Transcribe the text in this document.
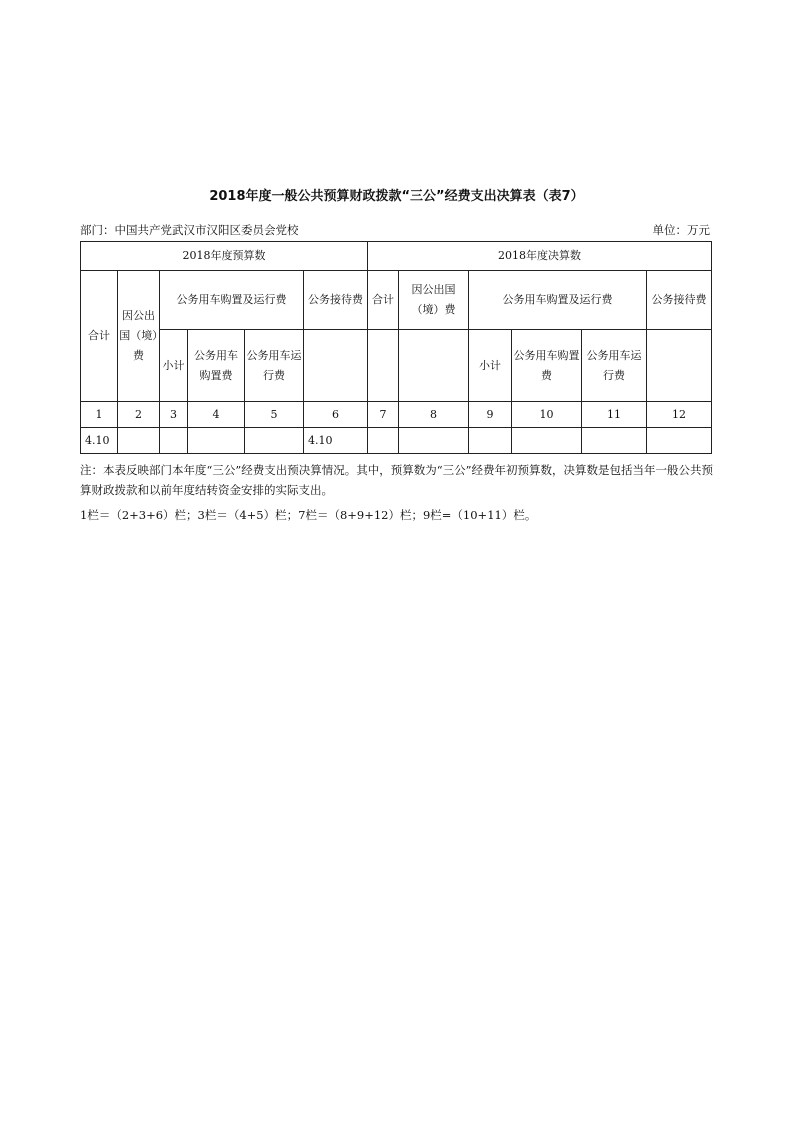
2018年度一般公共预算财政拨款“三公”经费支出决算表（表7）
部门：中国共产党武汉市汉阳区委员会党校	单位：万元
2018年度预算数						2018年度决算数					
合计	因公出国（境）费	公务用车购置及运行费			公务接待费	合计	因公出国（境）费	公务用车购置及运行费			公务接待费
		小计	公务用车购置费	公务用车运行费				小计	公务用车购置费	公务用车运行费	
1	2	3	4	5	6	7	8	9	10	11	12
4.10					4.10						
注：本表反映部门本年度“三公”经费支出预决算情况。其中，预算数为“三公”经费年初预算数，决算数是包括当年一般公共预算财政拨款和以前年度结转资金安排的实际支出。
1栏＝（2+3+6）栏；3栏＝（4+5）栏；7栏＝（8+9+12）栏；9栏=（10+11）栏。
